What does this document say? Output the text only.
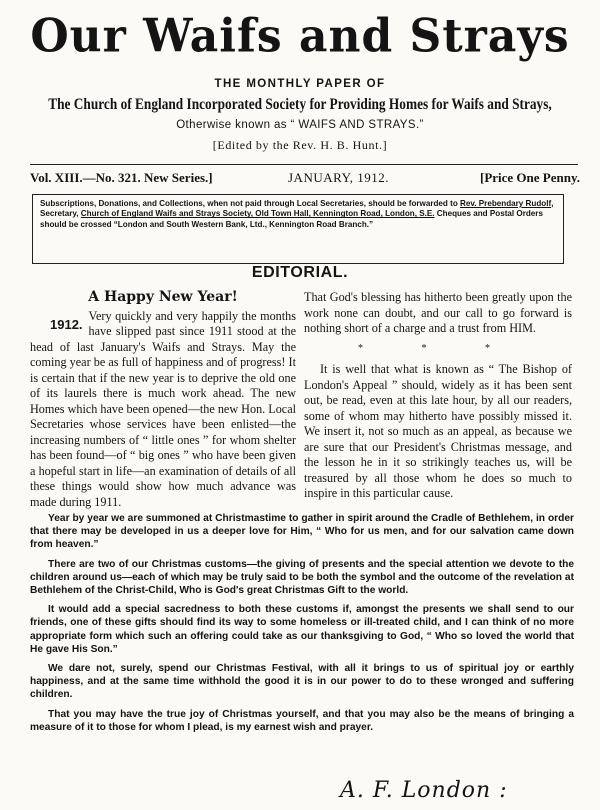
Our Waifs and Strays
THE MONTHLY PAPER OF
The Church of England Incorporated Society for Providing Homes for Waifs and Strays,
Otherwise known as “ WAIFS AND STRAYS.”
[Edited by the Rev. H. B. Hunt.]
Vol. XIII.—No. 321. New Series.]	JANUARY, 1912.	[Price One Penny.
Subscriptions, Donations, and Collections, when not paid through Local Secretaries, should be forwarded to Rev. Prebendary Rudolf, Secretary, Church of England Waifs and Strays Society, Old Town Hall, Kennington Road, London, S.E. Cheques and Postal Orders should be crossed “London and South Western Bank, Ltd., Kennington Road Branch.”
EDITORIAL.

A Happy New Year!

1912.
Very quickly and very happily the months have slipped past since 1911 stood at the head of last January's Waifs and Strays. May the coming year be as full of happiness and of progress! It is certain that if the new year is to deprive the old one of its laurels there is much work ahead. The new Homes which have been opened—the new Hon. Local Secretaries whose services have been enlisted—the increasing numbers of “ little ones ” for whom shelter has been found—of “ big ones ” who have been given a hopeful start in life—an examination of details of all these things would show how much advance was made during 1911.

That God's blessing has hitherto been greatly upon the work none can doubt, and our call to go forward is nothing short of a charge and a trust from HIM.

* * *

It is well that what is known as “ The Bishop of London's Appeal ” should, widely as it has been sent out, be read, even at this late hour, by all our readers, some of whom may hitherto have possibly missed it. We insert it, not so much as an appeal, as because we are sure that our President's Christmas message, and the lesson he in it so strikingly teaches us, will be treasured by all those whom he does so much to inspire in this particular cause.

Year by year we are summoned at Christmastime to gather in spirit around the Cradle of Bethlehem, in order that there may be developed in us a deeper love for Him, “ Who for us men, and for our salvation came down from heaven.”

There are two of our Christmas customs—the giving of presents and the special attention we devote to the children around us—each of which may be truly said to be both the symbol and the outcome of the revelation at Bethlehem of the Christ-Child, Who is God's great Christmas Gift to the world.

It would add a special sacredness to both these customs if, amongst the presents we shall send to our friends, one of these gifts should find its way to some homeless or ill-treated child, and I can think of no more appropriate form which such an offering could take as our thanksgiving to God, “ Who so loved the world that He gave His Son.”

We dare not, surely, spend our Christmas Festival, with all it brings to us of spiritual joy or earthly happiness, and at the same time withhold the good it is in our power to do to these wronged and suffering children.

That you may have the true joy of Christmas yourself, and that you may also be the means of bringing a measure of it to those for whom I plead, is my earnest wish and prayer.

A. F. London :
